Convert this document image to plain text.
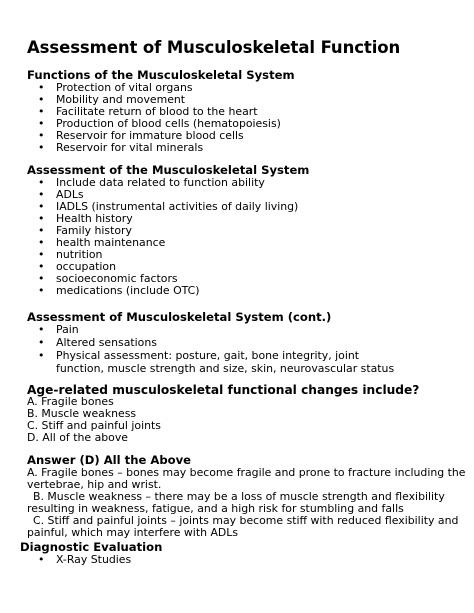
Assessment of Musculoskeletal Function
Functions of the Musculoskeletal System
• Protection of vital organs
• Mobility and movement
• Facilitate return of blood to the heart
• Production of blood cells (hematopoiesis)
• Reservoir for immature blood cells
• Reservoir for vital minerals
Assessment of the Musculoskeletal System
• Include data related to function ability
• ADLs
• IADLS (instrumental activities of daily living)
• Health history
• Family history
• health maintenance
• nutrition
• occupation
• socioeconomic factors
• medications (include OTC)
Assessment of Musculoskeletal System (cont.)
• Pain
• Altered sensations
• Physical assessment: posture, gait, bone integrity, joint function, muscle strength and size, skin, neurovascular status
Age-related musculoskeletal functional changes include?
A. Fragile bones
B. Muscle weakness
C. Stiff and painful joints
D. All of the above
Answer (D) All the Above
A. Fragile bones – bones may become fragile and prone to fracture including the
vertebrae, hip and wrist.
B. Muscle weakness – there may be a loss of muscle strength and flexibility
resulting in weakness, fatigue, and a high risk for stumbling and falls
C. Stiff and painful joints – joints may become stiff with reduced flexibility and
painful, which may interfere with ADLs
Diagnostic Evaluation
• X-Ray Studies
